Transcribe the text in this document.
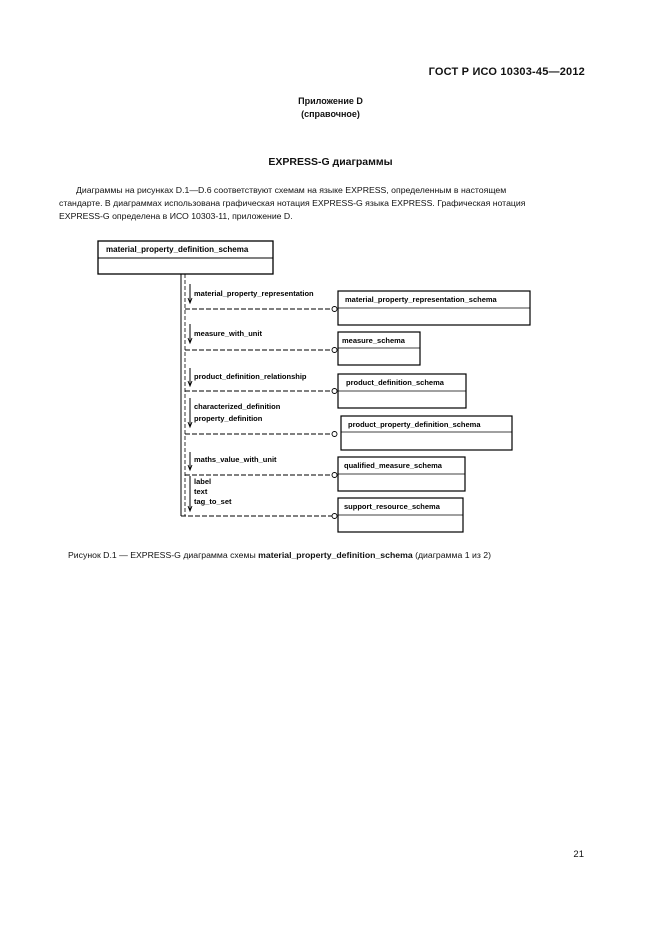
ГОСТ Р ИСО 10303-45—2012
Приложение D
(справочное)
EXPRESS-G диаграммы
Диаграммы на рисунках D.1—D.6 соответствуют схемам на языке EXPRESS, определенным в настоящем
стандарте. В диаграммах использована графическая нотация EXPRESS-G языка EXPRESS. Графическая нотация
EXPRESS-G определена в ИСО 10303-11, приложение D.
material_property_definition_schema
material_property_representation
material_property_representation_schema
measure_with_unit
measure_schema
product_definition_relationship
product_definition_schema
characterized_definition
property_definition
product_property_definition_schema
maths_value_with_unit
qualified_measure_schema
label
text
tag_to_set
support_resource_schema
Рисунок D.1 — EXPRESS-G диаграмма схемы material_property_definition_schema (диаграмма 1 из 2)
21
